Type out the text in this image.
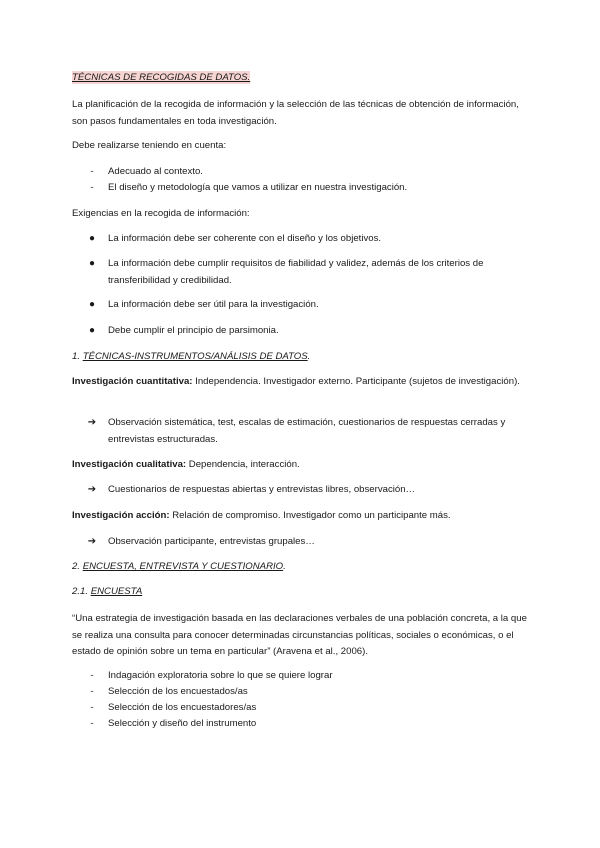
TÉCNICAS DE RECOGIDAS DE DATOS.

La planificación de la recogida de información y la selección de las técnicas de obtención de información, son pasos fundamentales en toda investigación.

Debe realizarse teniendo en cuenta:

-	Adecuado al contexto.

-	El diseño y metodología que vamos a utilizar en nuestra investigación.

Exigencias en la recogida de información:

●	La información debe ser coherente con el diseño y los objetivos.

●	La información debe cumplir requisitos de fiabilidad y validez, además de los criterios de transferibilidad y credibilidad.

●	La información debe ser útil para la investigación.

●	Debe cumplir el principio de parsimonia.

1. TÉCNICAS-INSTRUMENTOS/ANÁLISIS DE DATOS.

Investigación cuantitativa: Independencia. Investigador externo. Participante (sujetos de investigación).

➔ Observación sistemática, test, escalas de estimación, cuestionarios de respuestas cerradas y entrevistas estructuradas.

Investigación cualitativa: Dependencia, interacción.

➔ Cuestionarios de respuestas abiertas y entrevistas libres, observación…

Investigación acción: Relación de compromiso. Investigador como un participante más.

➔ Observación participante, entrevistas grupales…

2. ENCUESTA, ENTREVISTA Y CUESTIONARIO.

2.1. ENCUESTA

“Una estrategia de investigación basada en las declaraciones verbales de una población concreta, a la que se realiza una consulta para conocer determinadas circunstancias políticas, sociales o económicas, o el estado de opinión sobre un tema en particular” (Aravena et al., 2006).

-	Indagación exploratoria sobre lo que se quiere lograr

-	Selección de los encuestados/as

-	Selección de los encuestadores/as

-	Selección y diseño del instrumento
